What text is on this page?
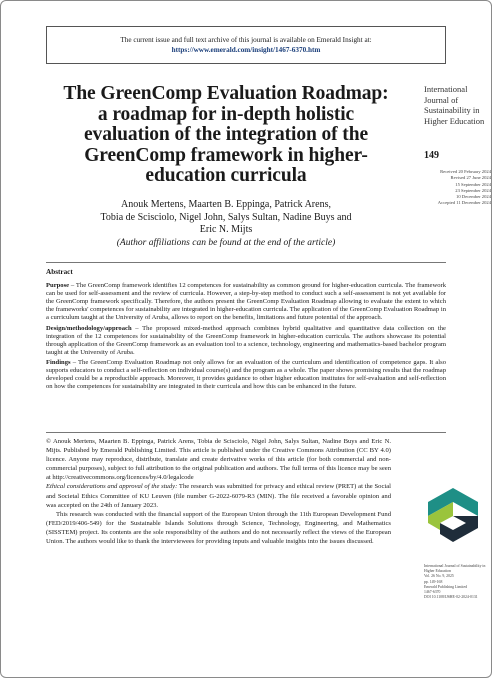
The current issue and full text archive of this journal is available on Emerald Insight at:
https://www.emerald.com/insight/1467-6370.htm
International Journal of Sustainability in Higher Education
149
Received 20 February 2024
Revised 27 June 2024
15 September 2024
23 September 2024
10 December 2024
Accepted 11 December 2024
The GreenComp Evaluation Roadmap: a roadmap for in-depth holistic evaluation of the integration of the GreenComp framework in higher-education curricula
Anouk Mertens, Maarten B. Eppinga, Patrick Arens,
Tobia de Scisciolo, Nigel John, Salys Sultan, Nadine Buys and
Eric N. Mijts
(Author affiliations can be found at the end of the article)
Abstract

Purpose – The GreenComp framework identifies 12 competences for sustainability as common ground for higher-education curricula. The framework can be used for self-assessment and the review of curricula. However, a step-by-step method to conduct such a self-assessment is not yet available for the GreenComp framework specifically. Therefore, the authors present the GreenComp Evaluation Roadmap allowing to evaluate the extent to which the frameworks' competences for sustainability are integrated in higher-education curricula. The application of the GreenComp Evaluation Roadmap in a curriculum taught at the University of Aruba, allows to report on the benefits, limitations and future potential of the approach.

Design/methodology/approach – The proposed mixed-method approach combines hybrid qualitative and quantitative data collection on the integration of the 12 competences for sustainability of the GreenComp framework in higher-education curricula. The authors showcase its potential through application of the GreenComp framework as an evaluation tool to a science, technology, engineering and mathematics-based bachelor program taught at the University of Aruba.

Findings – The GreenComp Evaluation Roadmap not only allows for an evaluation of the curriculum and identification of competence gaps. It also supports educators to conduct a self-reflection on individual course(s) and the program as a whole. The paper shows promising results that the roadmap developed could be a reproducible approach. Moreover, it provides guidance to other higher education institutes for self-evaluation and self-reflection on how the competences for sustainability are integrated in their curricula and how this can be enhanced in the future.

© Anouk Mertens, Maarten B. Eppinga, Patrick Arens, Tobia de Scisciolo, Nigel John, Salys Sultan, Nadine Buys and Eric N. Mijts. Published by Emerald Publishing Limited. This article is published under the Creative Commons Attribution (CC BY 4.0) licence. Anyone may reproduce, distribute, translate and create derivative works of this article (for both commercial and non-commercial purposes), subject to full attribution to the original publication and authors. The full terms of this licence may be seen at http://creativecommons.org/licences/by/4.0/legalcode

Ethical considerations and approval of the study: The research was submitted for privacy and ethical review (PRET) at the Social and Societal Ethics Committee of KU Leuven (file number G-2022-6079-R3 (MIN). The file received a favorable opinion and was accepted on the 24th of January 2023.

This research was conducted with the financial support of the European Union through the 11th European Development Fund (FED/2019/406-549) for the Sustainable Islands Solutions through Science, Technology, Engineering, and Mathematics (SISSTEM) project. Its contents are the sole responsibility of the authors and do not necessarily reflect the views of the European Union. The authors would like to thank the interviewees for providing inputs and valuable insights into the issues discussed.

International Journal of Sustainability in Higher Education
Vol. 26 No. 9, 2025
pp. 149-168
Emerald Publishing Limited
1467-6370
DOI 10.1108/IJSHE-02-2024-0131
